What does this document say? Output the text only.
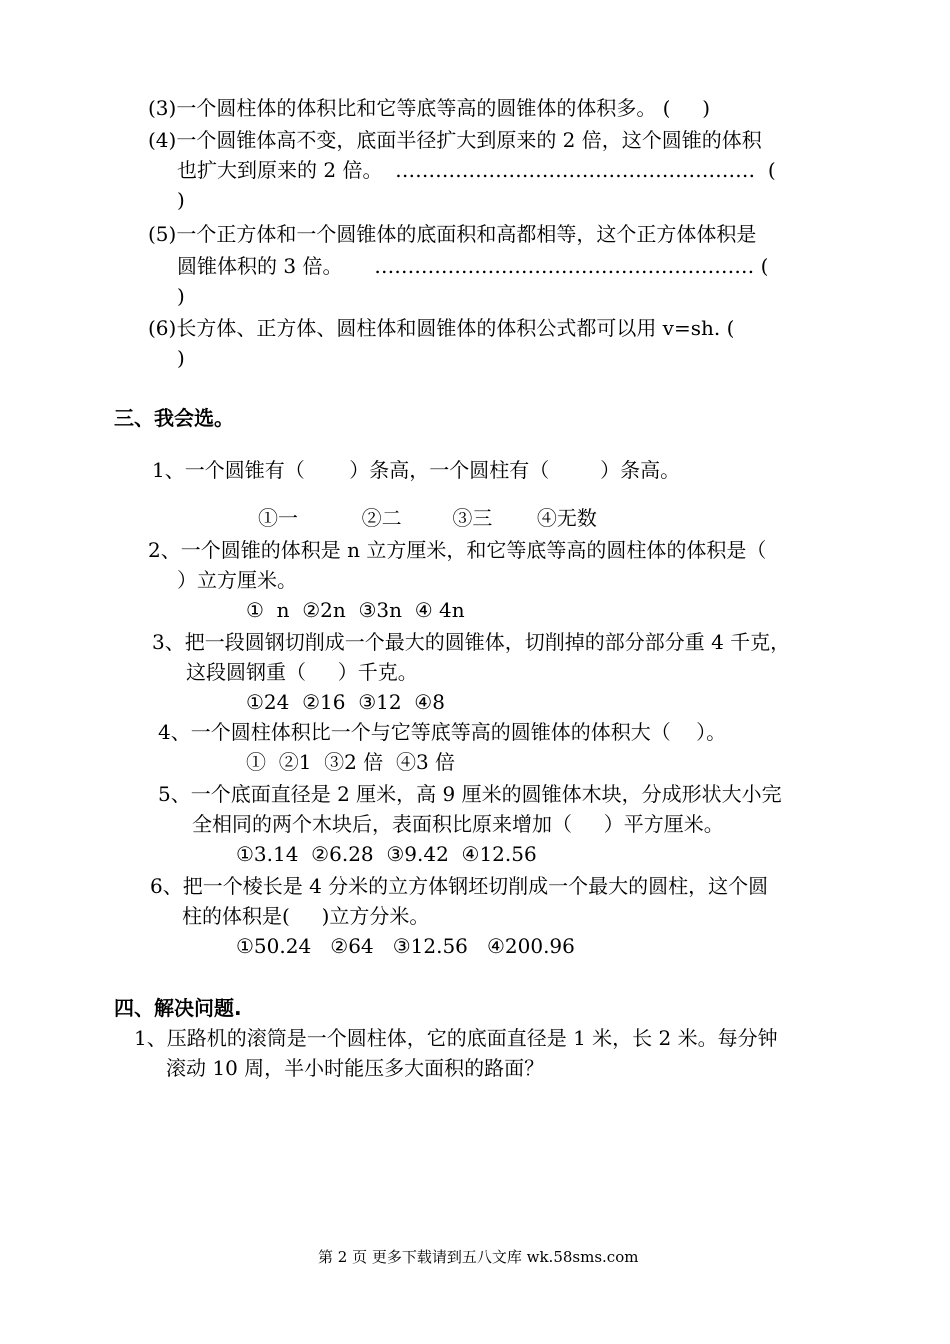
(3)一个圆柱体的体积比和它等底等高的圆锥体的体积多。 (     )
(4)一个圆锥体高不变，底面半径扩大到原来的 2 倍，这个圆锥的体积
也扩大到原来的 2 倍。  ………………………………………………  (
)
(5)一个正方体和一个圆锥体的底面积和高都相等，这个正方体体积是
圆锥体积的 3 倍。     ………………………………………………… (
)
(6)长方体、正方体、圆柱体和圆锥体的体积公式都可以用 v=sh. (
)
三、我会选。
1、一个圆锥有（       ）条高，一个圆柱有（        ）条高。
①一          ②二        ③三       ④无数
2、一个圆锥的体积是 n 立方厘米，和它等底等高的圆柱体的体积是（
）立方厘米。
①  n  ②2n  ③3n  ④ 4n
3、把一段圆钢切削成一个最大的圆锥体，切削掉的部分部分重 4 千克，
这段圆钢重（     ）千克。
①24  ②16  ③12  ④8
4、一个圆柱体积比一个与它等底等高的圆锥体的体积大（    ）。
①  ②1  ③2 倍  ④3 倍
5、一个底面直径是 2 厘米，高 9 厘米的圆锥体木块，分成形状大小完
全相同的两个木块后，表面积比原来增加（     ）平方厘米。
①3.14  ②6.28  ③9.42  ④12.56
6、把一个棱长是 4 分米的立方体钢坯切削成一个最大的圆柱，这个圆
柱的体积是(     )立方分米。
①50.24   ②64   ③12.56   ④200.96
四、解决问题.
1、压路机的滚筒是一个圆柱体，它的底面直径是 1 米，长 2 米。每分钟
滚动 10 周，半小时能压多大面积的路面？
第 2 页 更多下载请到五八文库 wk.58sms.com
